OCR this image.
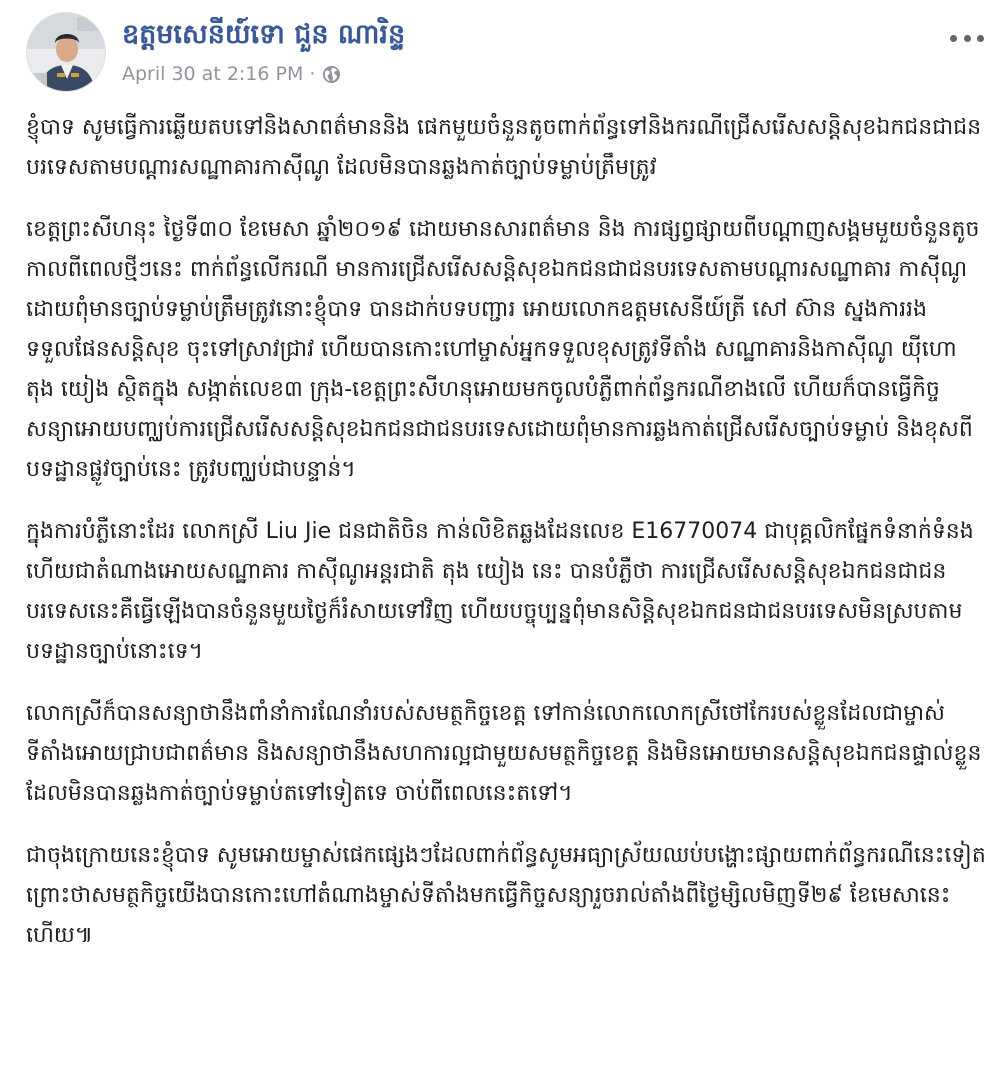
ឧត្តមសេនីយ៍ទោ ជួន ណារិន្ទ
April 30 at 2:16 PM ·

ខ្ញុំបាទ សូមធ្វើការឆ្លើយតបទៅនិងសាពត៌មាននិង ផេកមួយចំនួនតូចពាក់ព័ន្ធទៅនិងករណីជ្រើសរើសសន្តិសុខឯកជនជាជនបរទេសតាមបណ្តារសណ្ឋាគារកាស៊ីណូ ដែលមិនបានឆ្លងកាត់ច្បាប់ទម្លាប់ត្រឹមត្រូវ

ខេត្តព្រះសីហនុះ ថ្ងៃទី៣០ ខែមេសា ឆ្នាំ២០១៩ ដោយមានសារពត៌មាន និង ការផ្សព្វផ្សាយពីបណ្តាញសង្គមមួយចំនួនតូច កាលពីពេលថ្មីៗនេះ ពាក់ព័ន្ធលើករណី មានការជ្រើសរើសសន្តិសុខឯកជនជាជនបរទេសតាមបណ្តារសណ្ឋាគារ កាស៊ីណូ ដោយពុំមានច្បាប់ទម្លាប់ត្រឹមត្រូវនោះខ្ញុំបាទ បានដាក់បទបញ្ជារ អោយលោកឧត្តមសេនីយ៍ត្រី សៅ ស៊ាន ស្នងការរងទទួលផែនសន្តិសុខ ចុះទៅស្រាវជ្រាវ ហើយបានកោះហៅម្ចាស់អ្នកទទួលខុសត្រូវទីតាំង សណ្ឋាគារនិងកាស៊ីណូ យ៉ីហោ តុង យៀង ស្ថិតក្នុង សង្កាត់លេខ៣ ក្រុង-ខេត្តព្រះសីហនុអោយមកចូលបំភ្លឺពាក់ព័ន្ធករណីខាងលើ ហើយក៏បានធ្វើកិច្ចសន្យាអោយបញ្ឈប់ការជ្រើសរើសសន្តិសុខឯកជនជាជនបរទេសដោយពុំមានការឆ្លងកាត់ជ្រើសរើសច្បាប់ទម្លាប់ និងខុសពីបទដ្ឋានផ្លូវច្បាប់នេះ ត្រូវបញ្ឈប់ជាបន្ទាន់។

ក្នុងការបំភ្លឺនោះដែរ លោកស្រី Liu Jie ជនជាតិចិន កាន់លិខិតឆ្លងដែនលេខ E16770074 ជាបុគ្គលិកផ្នែកទំនាក់ទំនង ហើយជាតំណាងអោយសណ្ឋាគារ កាស៊ីណូអន្តរជាតិ តុង យៀង នេះ បានបំភ្លឺថា ការជ្រើសរើសសន្តិសុខឯកជនជាជនបរទេសនេះគឺធ្វើឡើងបានចំនួនមួយថ្ងៃក៏រំសាយទៅវិញ ហើយបច្ចុប្បន្នពុំមានសិន្តិសុខឯកជនជាជនបរទេសមិនស្របតាមបទដ្ឋានច្បាប់នោះទេ។

លោកស្រីក៏បានសន្យាថានឹងពាំនាំការណែនាំរបស់សមត្ថកិច្ចខេត្ត ទៅកាន់លោកលោកស្រីថៅកែរបស់ខ្លួនដែលជាម្ចាស់ទីតាំងអោយជ្រាបជាពត៌មាន និងសន្យាថានឹងសហការល្អជាមួយសមត្ថកិច្ចខេត្ត និងមិនអោយមានសន្តិសុខឯកជនផ្ទាល់ខ្លួនដែលមិនបានឆ្លងកាត់ច្បាប់ទម្លាប់តទៅទៀតទេ ចាប់ពីពេលនេះតទៅ។

ជាចុងក្រោយនេះខ្ញុំបាទ សូមអោយម្ចាស់ផេកផ្សេងៗដែលពាក់ព័ន្ធសូមអធ្យាស្រ័យឈប់បង្ហោះផ្សាយពាក់ព័ន្ធករណីនេះទៀត ព្រោះថាសមត្ថកិច្ចយើងបានកោះហៅតំណាងម្ចាស់ទីតាំងមកធ្វើកិច្ចសន្យារួចរាល់តាំងពីថ្ងៃម្សិលមិញទី២៩ ខែមេសានេះហើយ៕
